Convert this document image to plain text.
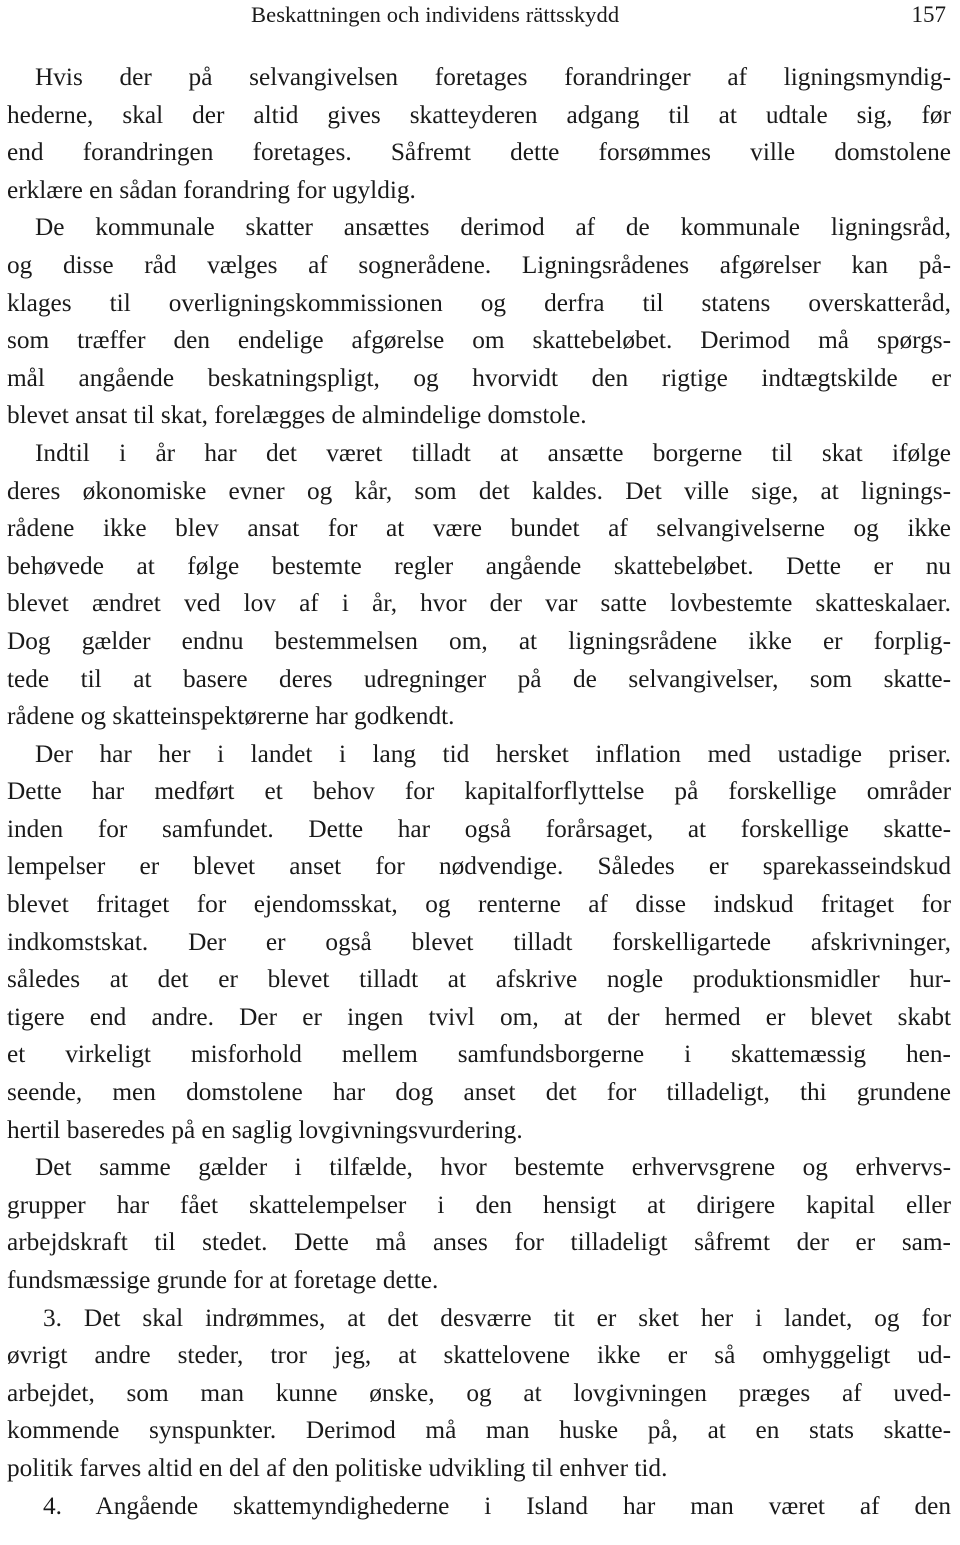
Beskattningen och individens rättsskydd	157
Hvis der på selvangivelsen foretages forandringer af ligningsmyndig-
hederne, skal der altid gives skatteyderen adgang til at udtale sig, før
end forandringen foretages. Såfremt dette forsømmes ville domstolene
erklære en sådan forandring for ugyldig.
De kommunale skatter ansættes derimod af de kommunale ligningsråd,
og disse råd vælges af sognerådene. Ligningsrådenes afgørelser kan på-
klages til overligningskommissionen og derfra til statens overskatteråd,
som træffer den endelige afgørelse om skattebeløbet. Derimod må spørgs-
mål angående beskatningspligt, og hvorvidt den rigtige indtægtskilde er
blevet ansat til skat, forelægges de almindelige domstole.
Indtil i år har det været tilladt at ansætte borgerne til skat ifølge
deres økonomiske evner og kår, som det kaldes. Det ville sige, at lignings-
rådene ikke blev ansat for at være bundet af selvangivelserne og ikke
behøvede at følge bestemte regler angående skattebeløbet. Dette er nu
blevet ændret ved lov af i år, hvor der var satte lovbestemte skatteskalaer.
Dog gælder endnu bestemmelsen om, at ligningsrådene ikke er forplig-
tede til at basere deres udregninger på de selvangivelser, som skatte-
rådene og skatteinspektørerne har godkendt.
Der har her i landet i lang tid hersket inflation med ustadige priser.
Dette har medført et behov for kapitalforflyttelse på forskellige områder
inden for samfundet. Dette har også forårsaget, at forskellige skatte-
lempelser er blevet anset for nødvendige. Således er sparekasseindskud
blevet fritaget for ejendomsskat, og renterne af disse indskud fritaget for
indkomstskat. Der er også blevet tilladt forskelligartede afskrivninger,
således at det er blevet tilladt at afskrive nogle produktionsmidler hur-
tigere end andre. Der er ingen tvivl om, at der hermed er blevet skabt
et virkeligt misforhold mellem samfundsborgerne i skattemæssig hen-
seende, men domstolene har dog anset det for tilladeligt, thi grundene
hertil baseredes på en saglig lovgivningsvurdering.
Det samme gælder i tilfælde, hvor bestemte erhvervsgrene og erhvervs-
grupper har fået skattelempelser i den hensigt at dirigere kapital eller
arbejdskraft til stedet. Dette må anses for tilladeligt såfremt der er sam-
fundsmæssige grunde for at foretage dette.
3. Det skal indrømmes, at det desværre tit er sket her i landet, og for
øvrigt andre steder, tror jeg, at skattelovene ikke er så omhyggeligt ud-
arbejdet, som man kunne ønske, og at lovgivningen præges af uved-
kommende synspunkter. Derimod må man huske på, at en stats skatte-
politik farves altid en del af den politiske udvikling til enhver tid.
4. Angående skattemyndighederne i Island har man været af den
